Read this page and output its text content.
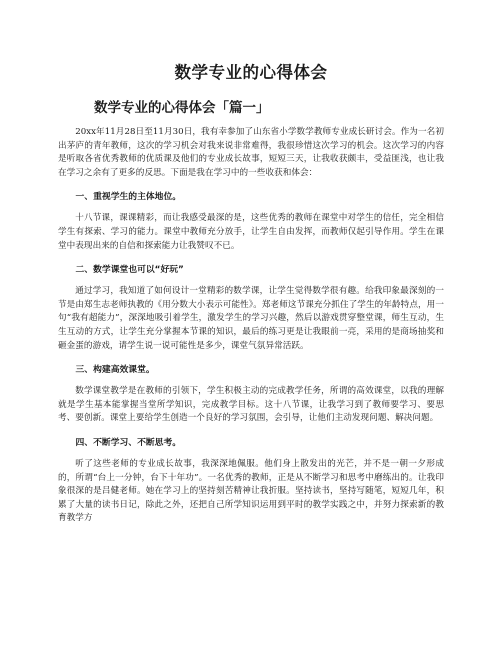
数学专业的心得体会
数学专业的心得体会「篇一」

20xx年11月28日至11月30日，我有幸参加了山东省小学数学教师专业成长研讨会。作为一名初出茅庐的青年教师，这次的学习机会对我来说非常难得，我很珍惜这次学习的机会。这次学习的内容是听取各省优秀教师的优质课及他们的专业成长故事，短短三天，让我收获颇丰，受益匪浅，也让我在学习之余有了更多的反思。下面是我在学习中的一些收获和体会：

一、重视学生的主体地位。

十八节课，课课精彩，而让我感受最深的是，这些优秀的教师在课堂中对学生的信任，完全相信学生有探索、学习的能力。课堂中教师充分放手，让学生自由发挥，而教师仅起引导作用。学生在课堂中表现出来的自信和探索能力让我赞叹不已。

二、数学课堂也可以“好玩”

通过学习，我知道了如何设计一堂精彩的数学课，让学生觉得数学很有趣。给我印象最深刻的一节是由郑生志老师执教的《用分数大小表示可能性》。郑老师这节课充分抓住了学生的年龄特点，用一句“我有超能力”，深深地吸引着学生，激发学生的学习兴趣，然后以游戏贯穿整堂课，师生互动，生生互动的方式，让学生充分掌握本节课的知识，最后的练习更是让我眼前一亮，采用的是商场抽奖和砸金蛋的游戏，请学生说一说可能性是多少，课堂气氛异常活跃。

三、构建高效课堂。

数学课堂教学是在教师的引领下，学生积极主动的完成教学任务，所谓的高效课堂，以我的理解就是学生基本能掌握当堂所学知识，完成教学目标。这十八节课，让我学习到了教师要学习、要思考、要创新。课堂上要给学生创造一个良好的学习氛围，会引导，让他们主动发现问题、解决问题。

四、不断学习、不断思考。

听了这些老师的专业成长故事，我深深地佩服。他们身上散发出的光芒，并不是一朝一夕形成的，所谓“台上一分钟，台下十年功”。一名优秀的教师，正是从不断学习和思考中磨练出的。让我印象很深的是吕健老师。她在学习上的坚持刻苦精神让我折服。坚持读书，坚持写随笔，短短几年，积累了大量的读书日记，除此之外，还把自己所学知识运用到平时的教学实践之中，并努力探索新的教育教学方
